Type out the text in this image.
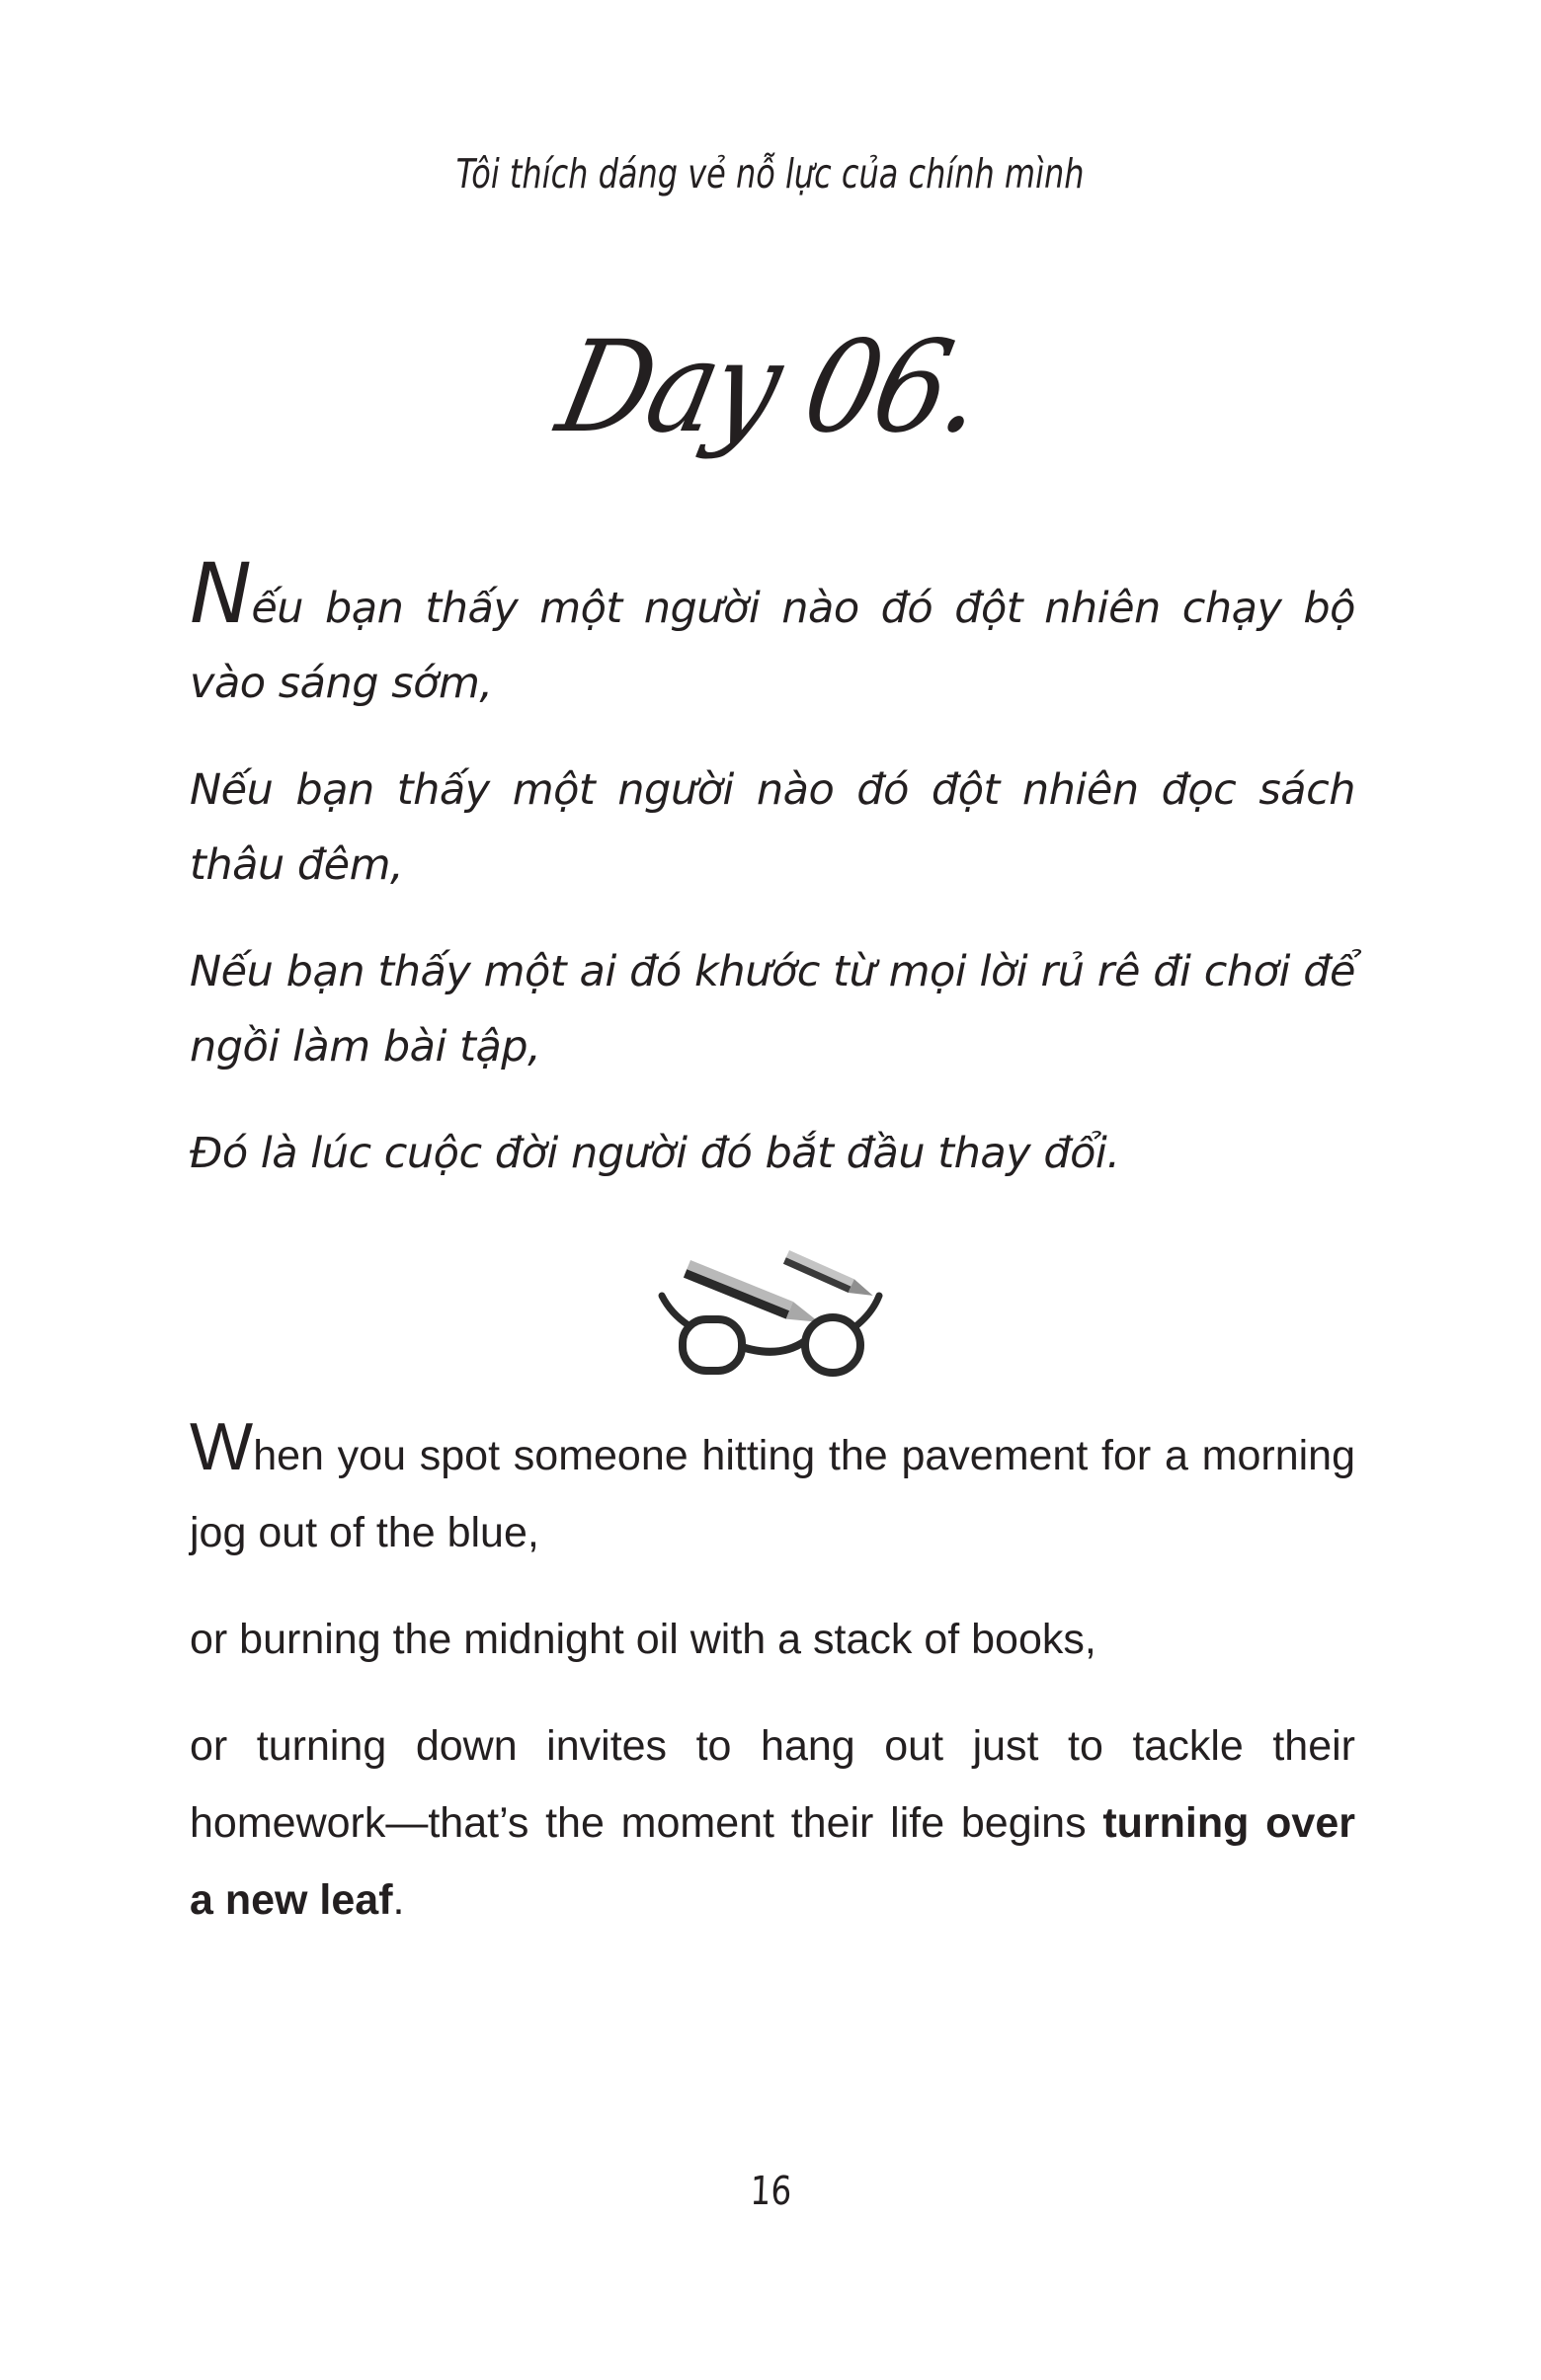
Tôi thích dáng vẻ nỗ lực của chính mình
Day 06.

Nếu bạn thấy một người nào đó đột nhiên chạy bộ vào sáng sớm,

Nếu bạn thấy một người nào đó đột nhiên đọc sách thâu đêm,

Nếu bạn thấy một ai đó khước từ mọi lời rủ rê đi chơi để ngồi làm bài tập,

Đó là lúc cuộc đời người đó bắt đầu thay đổi.

When you spot someone hitting the pavement for a morning jog out of the blue,

or burning the midnight oil with a stack of books,

or turning down invites to hang out just to tackle their homework—that’s the moment their life begins turning over a new leaf.

16
